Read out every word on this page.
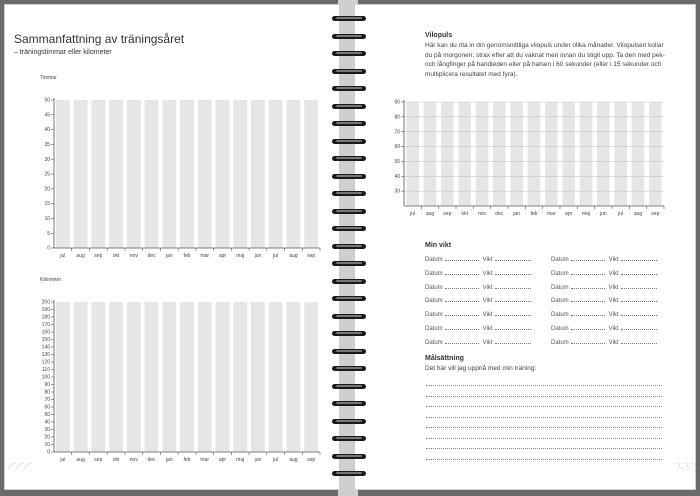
Sammanfattning av träningsåret
– träningstimmar eller kilometer
Timmar
0
5
10
15
20
25
30
35
40
45
50
jul aug sep okt nov dec jan feb mar apr maj jun jul aug sep
Kilometer
0
10
20
30
40
50
60
70
80
90
100
110
120
130
140
150
160
170
180
190
200
jul aug sep okt nov dec jan feb mar apr maj jun jul aug sep
⋰⋰⋰
Vilopuls
Här kan du rita in din genomsnittliga vilopuls under olika månader. Vilopulsen kollar du på morgonen, strax efter att du vaknat men innan du stigit upp. Ta den med pek- och långfinger på handleden eller på halsen i 60 sekunder (eller i 15 sekunder och multiplicera resultatet med fyra).
30
40
50
60
70
80
90
jul aug sep okt nov dec jan feb mar apr maj jun jul aug sep
Min vikt
Datum	Vikt	Datum	Vikt
Datum	Vikt	Datum	Vikt
Datum	Vikt	Datum	Vikt
Datum	Vikt	Datum	Vikt
Datum	Vikt	Datum	Vikt
Datum	Vikt	Datum	Vikt
Datum	Vikt	Datum	Vikt
Målsättning
Det här vill jag uppnå med min träning:
⋱⋱⋱
